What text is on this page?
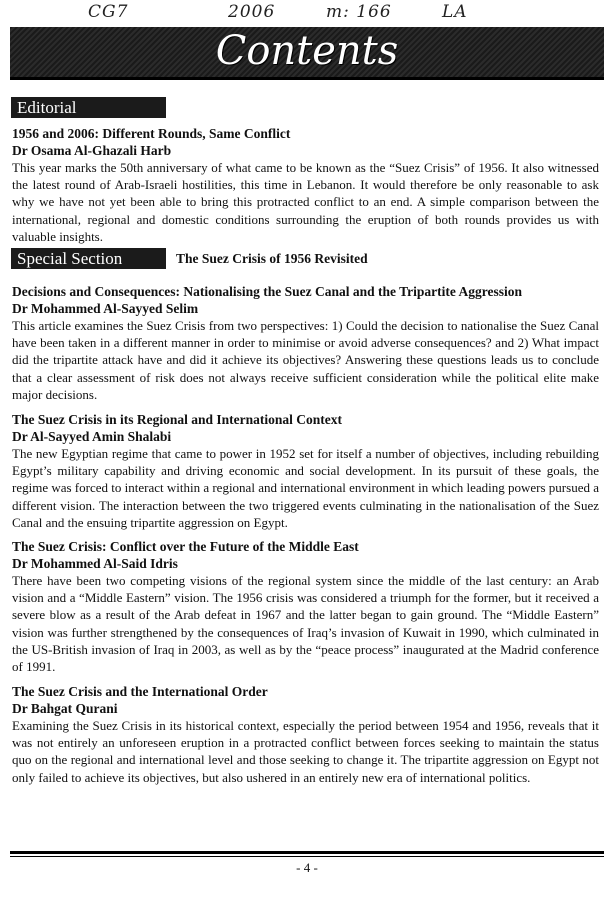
CG7	2006	m: 166	LA
Contents
Editorial
1956 and 2006: Different Rounds, Same Conflict
Dr Osama Al-Ghazali Harb
This year marks the 50th anniversary of what came to be known as the “Suez Crisis” of 1956. It also witnessed the latest round of Arab-Israeli hostilities, this time in Lebanon. It would therefore be only reasonable to ask why we have not yet been able to bring this protracted conflict to an end. A simple comparison between the international, regional and domestic conditions surrounding the eruption of both rounds provides us with valuable insights.
Special Section	The Suez Crisis of 1956 Revisited
Decisions and Consequences: Nationalising the Suez Canal and the Tripartite Aggression
Dr Mohammed Al-Sayyed Selim
This article examines the Suez Crisis from two perspectives: 1) Could the decision to nationalise the Suez Canal have been taken in a different manner in order to minimise or avoid adverse consequences? and 2) What impact did the tripartite attack have and did it achieve its objectives? Answering these questions leads us to conclude that a clear assessment of risk does not always receive sufficient consideration while the political elite make major decisions.
The Suez Crisis in its Regional and International Context
Dr Al-Sayyed Amin Shalabi
The new Egyptian regime that came to power in 1952 set for itself a number of objectives, including rebuilding Egypt’s military capability and driving economic and social development. In its pursuit of these goals, the regime was forced to interact within a regional and international environment in which leading powers pursued a different vision. The interaction between the two triggered events culminating in the nationalisation of the Suez Canal and the ensuing tripartite aggression on Egypt.
The Suez Crisis: Conflict over the Future of the Middle East
Dr Mohammed Al-Said Idris
There have been two competing visions of the regional system since the middle of the last century: an Arab vision and a “Middle Eastern” vision. The 1956 crisis was considered a triumph for the former, but it received a severe blow as a result of the Arab defeat in 1967 and the latter began to gain ground. The “Middle Eastern” vision was further strengthened by the consequences of Iraq’s invasion of Kuwait in 1990, which culminated in the US-British invasion of Iraq in 2003, as well as by the “peace process” inaugurated at the Madrid conference of 1991.
The Suez Crisis and the International Order
Dr Bahgat Qurani
Examining the Suez Crisis in its historical context, especially the period between 1954 and 1956, reveals that it was not entirely an unforeseen eruption in a protracted conflict between forces seeking to maintain the status quo on the regional and international level and those seeking to change it. The tripartite aggression on Egypt not only failed to achieve its objectives, but also ushered in an entirely new era of international politics.
- 4 -
